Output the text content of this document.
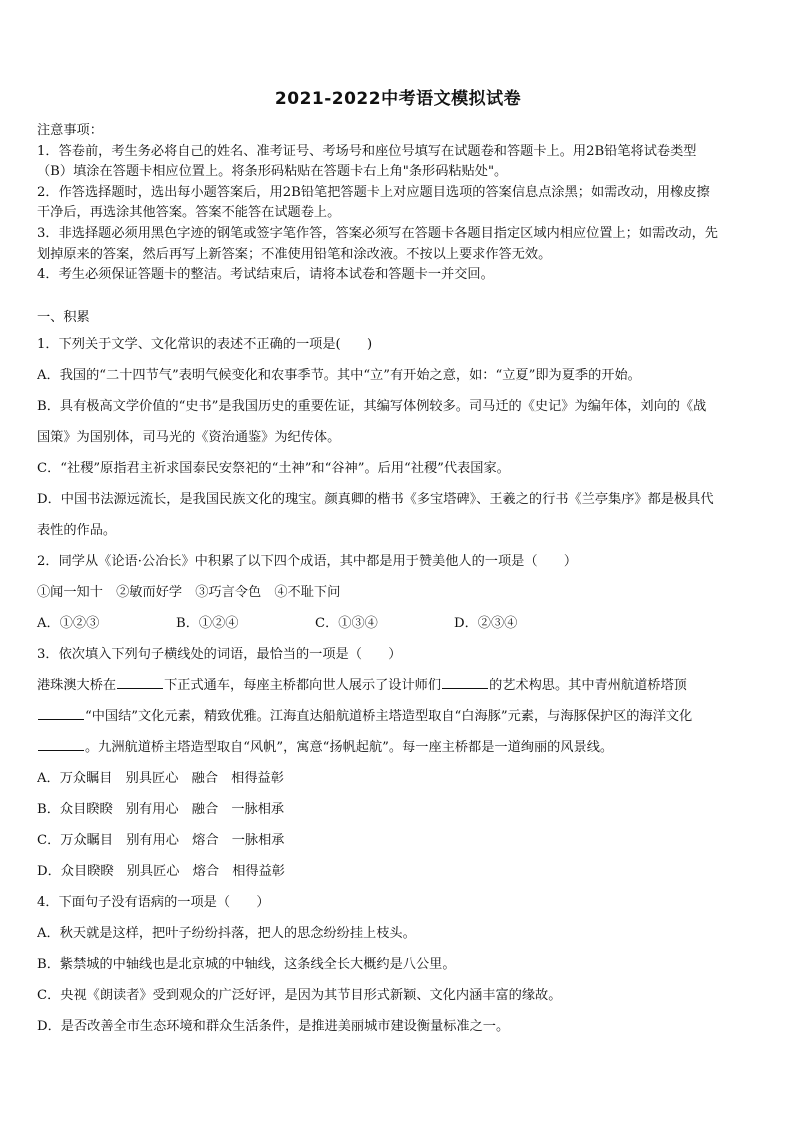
2021-2022中考语文模拟试卷
注意事项：
1．答卷前，考生务必将自己的姓名、准考证号、考场号和座位号填写在试题卷和答题卡上。用2B铅笔将试卷类型
（B）填涂在答题卡相应位置上。将条形码粘贴在答题卡右上角"条形码粘贴处"。
2．作答选择题时，选出每小题答案后，用2B铅笔把答题卡上对应题目选项的答案信息点涂黑；如需改动，用橡皮擦
干净后，再选涂其他答案。答案不能答在试题卷上。
3．非选择题必须用黑色字迹的钢笔或签字笔作答，答案必须写在答题卡各题目指定区域内相应位置上；如需改动，先
划掉原来的答案，然后再写上新答案；不准使用铅笔和涂改液。不按以上要求作答无效。
4．考生必须保证答题卡的整洁。考试结束后，请将本试卷和答题卡一并交回。
一、积累
1．下列关于文学、文化常识的表述不正确的一项是(　　)
A．我国的“二十四节气”表明气候变化和农事季节。其中“立”有开始之意，如：“立夏”即为夏季的开始。
B．具有极高文学价值的“史书”是我国历史的重要佐证，其编写体例较多。司马迁的《史记》为编年体，刘向的《战
国策》为国别体，司马光的《资治通鉴》为纪传体。
C．“社稷”原指君主祈求国泰民安祭祀的“土神”和“谷神”。后用“社稷”代表国家。
D．中国书法源远流长，是我国民族文化的瑰宝。颜真卿的楷书《多宝塔碑》、王羲之的行书《兰亭集序》都是极具代
表性的作品。
2．同学从《论语·公冶长》中积累了以下四个成语，其中都是用于赞美他人的一项是（　　）
①闻一知十　②敏而好学　③巧言令色　④不耻下问
A．①②③	B．①②④	C．①③④	D．②③④
3．依次填入下列句子横线处的词语，最恰当的一项是（　　）
港珠澳大桥在	下正式通车，每座主桥都向世人展示了设计师们	的艺术构思。其中青州航道桥塔顶
“中国结”文化元素，精致优雅。江海直达船航道桥主塔造型取自“白海豚”元素，与海豚保护区的海洋文化
。九洲航道桥主塔造型取自“风帆”，寓意“扬帆起航”。每一座主桥都是一道绚丽的风景线。
A．万众瞩目　别具匠心　融合　相得益彰
B．众目睽睽　别有用心　融合　一脉相承
C．万众瞩目　别有用心　熔合　一脉相承
D．众目睽睽　别具匠心　熔合　相得益彰
4．下面句子没有语病的一项是（　　）
A．秋天就是这样，把叶子纷纷抖落，把人的思念纷纷挂上枝头。
B．紫禁城的中轴线也是北京城的中轴线，这条线全长大概约是八公里。
C．央视《朗读者》受到观众的广泛好评，是因为其节目形式新颖、文化内涵丰富的缘故。
D．是否改善全市生态环境和群众生活条件，是推进美丽城市建设衡量标准之一。
